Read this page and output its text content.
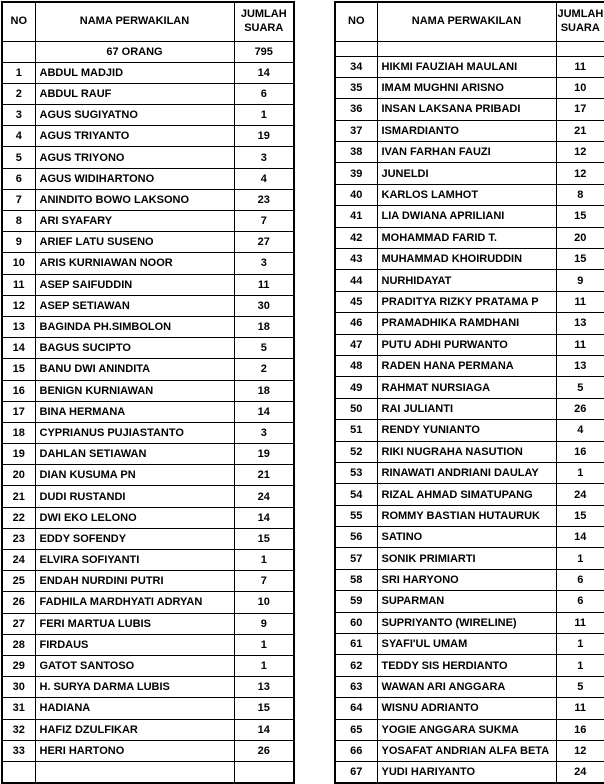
NO	NAMA PERWAKILAN	JUMLAH SUARA
	67 ORANG	795
1	ABDUL MADJID	14
2	ABDUL RAUF	6
3	AGUS SUGIYATNO	1
4	AGUS TRIYANTO	19
5	AGUS TRIYONO	3
6	AGUS WIDIHARTONO	4
7	ANINDITO BOWO LAKSONO	23
8	ARI SYAFARY	7
9	ARIEF LATU SUSENO	27
10	ARIS KURNIAWAN NOOR	3
11	ASEP SAIFUDDIN	11
12	ASEP SETIAWAN	30
13	BAGINDA PH.SIMBOLON	18
14	BAGUS SUCIPTO	5
15	BANU DWI ANINDITA	2
16	BENIGN KURNIAWAN	18
17	BINA HERMANA	14
18	CYPRIANUS PUJIASTANTO	3
19	DAHLAN SETIAWAN	19
20	DIAN KUSUMA PN	21
21	DUDI RUSTANDI	24
22	DWI EKO LELONO	14
23	EDDY SOFENDY	15
24	ELVIRA SOFIYANTI	1
25	ENDAH NURDINI PUTRI	7
26	FADHILA MARDHYATI ADRYAN	10
27	FERI MARTUA LUBIS	9
28	FIRDAUS	1
29	GATOT SANTOSO	1
30	H. SURYA DARMA LUBIS	13
31	HADIANA	15
32	HAFIZ DZULFIKAR	14
33	HERI HARTONO	26

NO	NAMA PERWAKILAN	JUMLAH SUARA

34	HIKMI FAUZIAH MAULANI	11
35	IMAM MUGHNI ARISNO	10
36	INSAN LAKSANA PRIBADI	17
37	ISMARDIANTO	21
38	IVAN FARHAN FAUZI	12
39	JUNELDI	12
40	KARLOS LAMHOT	8
41	LIA DWIANA APRILIANI	15
42	MOHAMMAD FARID T.	20
43	MUHAMMAD KHOIRUDDIN	15
44	NURHIDAYAT	9
45	PRADITYA RIZKY PRATAMA P	11
46	PRAMADHIKA RAMDHANI	13
47	PUTU ADHI PURWANTO	11
48	RADEN HANA PERMANA	13
49	RAHMAT NURSIAGA	5
50	RAI JULIANTI	26
51	RENDY YUNIANTO	4
52	RIKI NUGRAHA NASUTION	16
53	RINAWATI ANDRIANI DAULAY	1
54	RIZAL AHMAD SIMATUPANG	24
55	ROMMY BASTIAN HUTAURUK	15
56	SATINO	14
57	SONIK PRIMIARTI	1
58	SRI HARYONO	6
59	SUPARMAN	6
60	SUPRIYANTO (WIRELINE)	11
61	SYAFI'UL UMAM	1
62	TEDDY SIS HERDIANTO	1
63	WAWAN ARI ANGGARA	5
64	WISNU ADRIANTO	11
65	YOGIE ANGGARA SUKMA	16
66	YOSAFAT ANDRIAN ALFA BETA	12
67	YUDI HARIYANTO	24
